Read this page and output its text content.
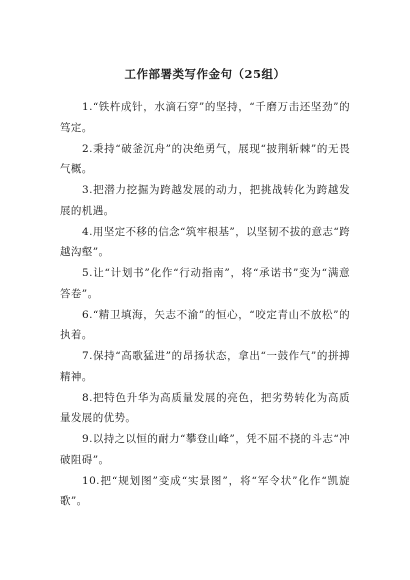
工作部署类写作金句（25组）

1.“铁杵成针，水滴石穿”的坚持，“千磨万击还坚劲”的笃定。

2.秉持“破釜沉舟”的决绝勇气，展现“披荆斩棘”的无畏气概。

3.把潜力挖掘为跨越发展的动力，把挑战转化为跨越发展的机遇。

4.用坚定不移的信念“筑牢根基”，以坚韧不拔的意志“跨越沟壑”。

5.让“计划书”化作“行动指南”，将“承诺书”变为“满意答卷”。

6.“精卫填海，矢志不渝”的恒心，“咬定青山不放松”的执着。

7.保持“高歌猛进”的昂扬状态，拿出“一鼓作气”的拼搏精神。

8.把特色升华为高质量发展的亮色，把劣势转化为高质量发展的优势。

9.以持之以恒的耐力“攀登山峰”，凭不屈不挠的斗志“冲破阻碍”。

10.把“规划图”变成“实景图”，将“军令状”化作“凯旋歌”。
